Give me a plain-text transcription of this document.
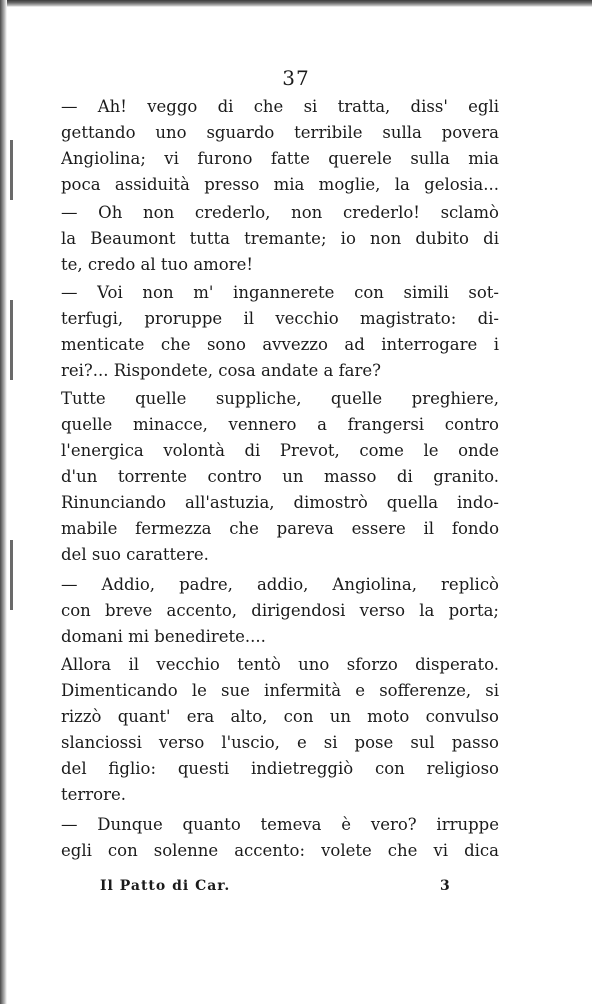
37
— Ah! veggo di che si tratta, diss' egli
gettando uno sguardo terribile sulla povera
Angiolina; vi furono fatte querele sulla mia
poca assiduità presso mia moglie, la gelosia...
— Oh non crederlo, non crederlo! sclamò
la Beaumont tutta tremante; io non dubito di
te, credo al tuo amore!
— Voi non m' ingannerete con simili sot-
terfugi, proruppe il vecchio magistrato: di-
menticate che sono avvezzo ad interrogare i
rei?... Rispondete, cosa andate a fare?
Tutte quelle suppliche, quelle preghiere,
quelle minacce, vennero a frangersi contro
l'energica volontà di Prevot, come le onde
d'un torrente contro un masso di granito.
Rinunciando all'astuzia, dimostrò quella indo-
mabile fermezza che pareva essere il fondo
del suo carattere.
— Addio, padre, addio, Angiolina, replicò
con breve accento, dirigendosi verso la porta;
domani mi benedirete....
Allora il vecchio tentò uno sforzo disperato.
Dimenticando le sue infermità e sofferenze, si
rizzò quant' era alto, con un moto convulso
slanciossi verso l'uscio, e si pose sul passo
del figlio: questi indietreggiò con religioso
terrore.
— Dunque quanto temeva è vero? irruppe
egli con solenne accento: volete che vi dica
Il Patto di Car.	3
